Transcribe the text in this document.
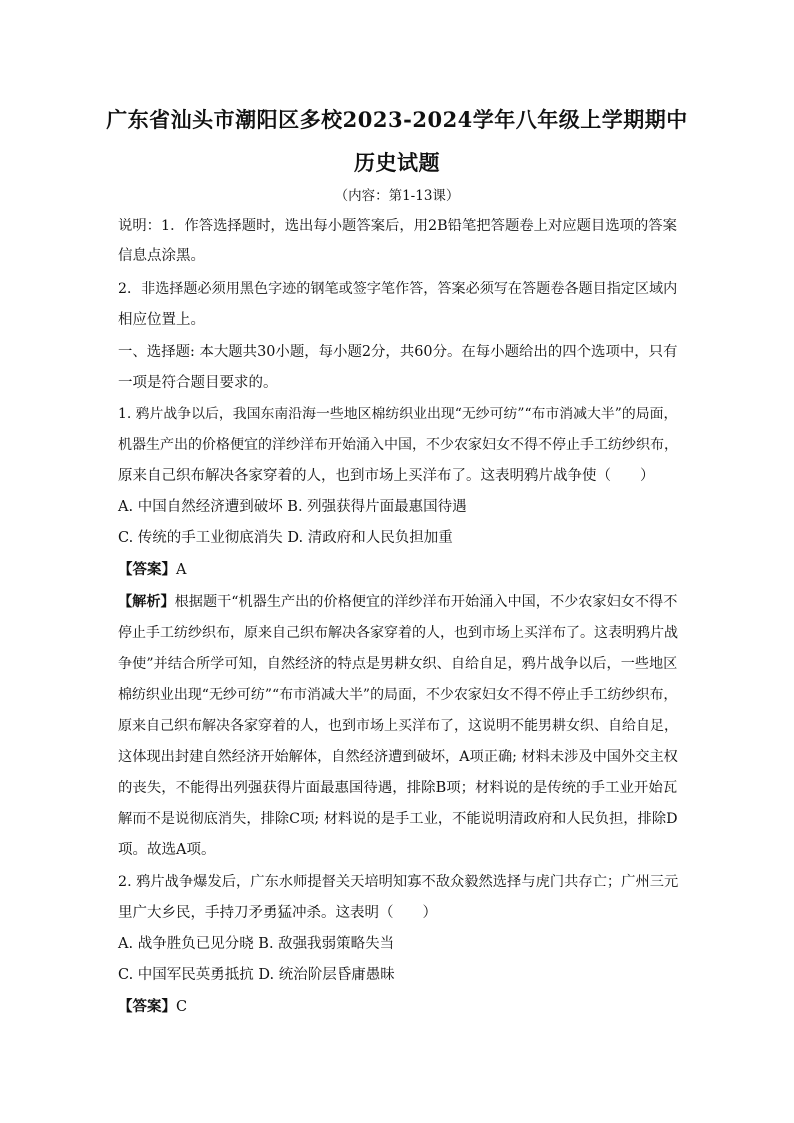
广东省汕头市潮阳区多校2023-2024学年八年级上学期期中
历史试题
（内容：第1-13课）
说明：1．作答选择题时，选出每小题答案后，用2B铅笔把答题卷上对应题目选项的答案
信息点涂黑。
2．非选择题必须用黑色字迹的钢笔或签字笔作答，答案必须写在答题卷各题目指定区域内
相应位置上。
一、选择题: 本大题共30小题，每小题2分，共60分。在每小题给出的四个选项中，只有
一项是符合题目要求的。
1. 鸦片战争以后，我国东南沿海一些地区棉纺织业出现“无纱可纺”“布市消减大半”的局面，
机器生产出的价格便宜的洋纱洋布开始涌入中国，不少农家妇女不得不停止手工纺纱织布，
原来自己织布解决各家穿着的人，也到市场上买洋布了。这表明鸦片战争使（　　）
A. 中国自然经济遭到破坏 B. 列强获得片面最惠国待遇
C. 传统的手工业彻底消失 D. 清政府和人民负担加重
【答案】A
【解析】根据题干“机器生产出的价格便宜的洋纱洋布开始涌入中国，不少农家妇女不得不
停止手工纺纱织布，原来自己织布解决各家穿着的人，也到市场上买洋布了。这表明鸦片战
争使”并结合所学可知，自然经济的特点是男耕女织、自给自足，鸦片战争以后，一些地区
棉纺织业出现“无纱可纺”“布市消减大半”的局面，不少农家妇女不得不停止手工纺纱织布，
原来自己织布解决各家穿着的人，也到市场上买洋布了，这说明不能男耕女织、自给自足，
这体现出封建自然经济开始解体，自然经济遭到破坏，A项正确; 材料未涉及中国外交主权
的丧失，不能得出列强获得片面最惠国待遇，排除B项；材料说的是传统的手工业开始瓦
解而不是说彻底消失，排除C项; 材料说的是手工业，不能说明清政府和人民负担，排除D
项。故选A项。
2. 鸦片战争爆发后，广东水师提督关天培明知寡不敌众毅然选择与虎门共存亡；广州三元
里广大乡民，手持刀矛勇猛冲杀。这表明（　　）
A. 战争胜负已见分晓 B. 敌强我弱策略失当
C. 中国军民英勇抵抗 D. 统治阶层昏庸愚昧
【答案】C
